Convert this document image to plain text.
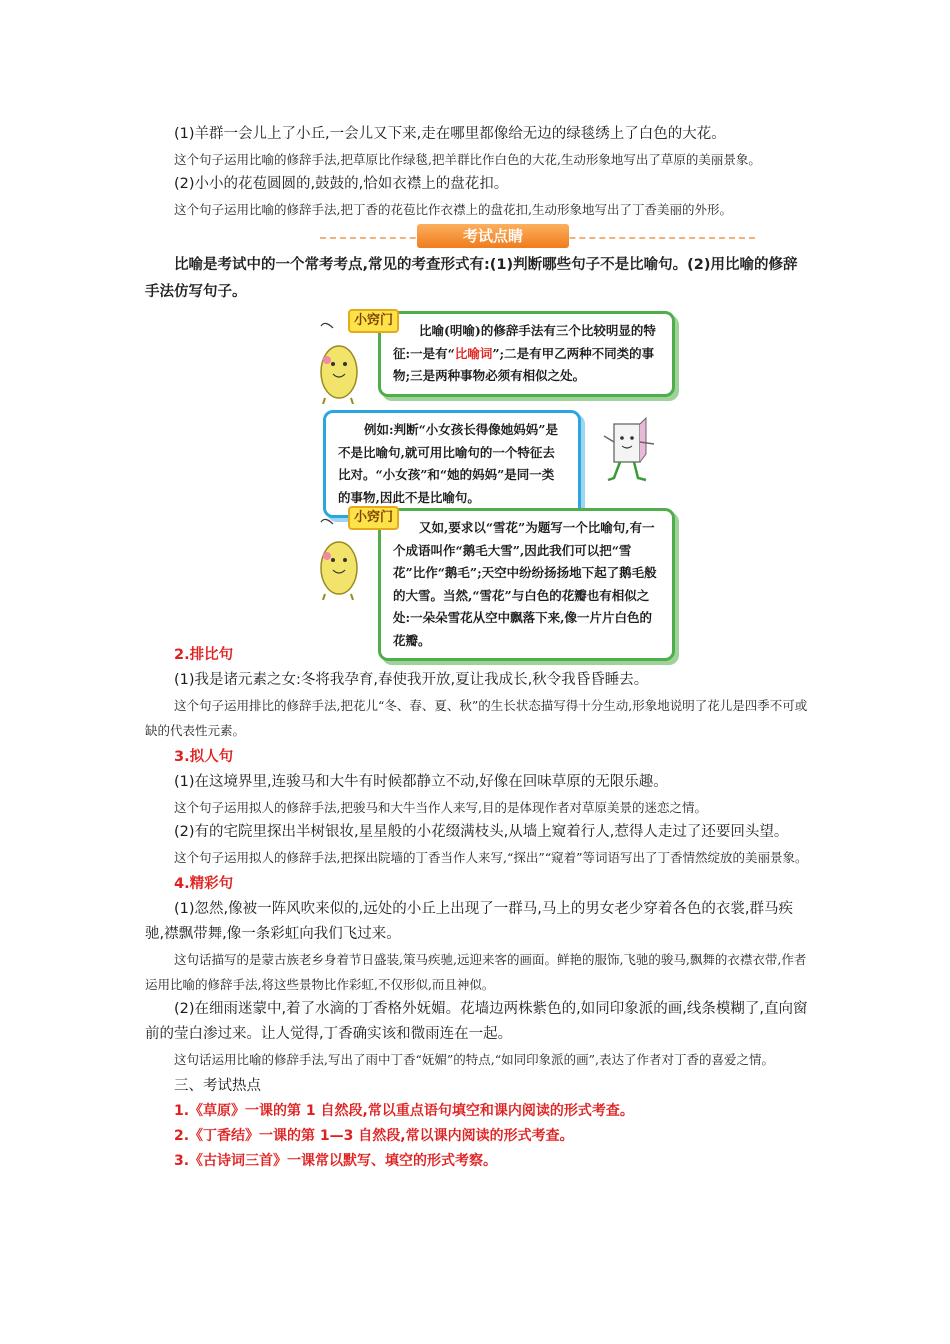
(1)羊群一会儿上了小丘,一会儿又下来,走在哪里都像给无边的绿毯绣上了白色的大花。

这个句子运用比喻的修辞手法,把草原比作绿毯,把羊群比作白色的大花,生动形象地写出了草原的美丽景象。

(2)小小的花苞圆圆的,鼓鼓的,恰如衣襟上的盘花扣。

这个句子运用比喻的修辞手法,把丁香的花苞比作衣襟上的盘花扣,生动形象地写出了丁香美丽的外形。

考试点睛

比喻是考试中的一个常考考点,常见的考查形式有:(1)判断哪些句子不是比喻句。(2)用比喻的修辞手法仿写句子。

小窍门
比喻(明喻)的修辞手法有三个比较明显的特征:一是有“比喻词”;二是有甲乙两种不同类的事物;三是两种事物必须有相似之处。
例如:判断“小女孩长得像她妈妈”是不是比喻句,就可用比喻句的一个特征去比对。“小女孩”和“她的妈妈”是同一类的事物,因此不是比喻句。
小窍门
又如,要求以“雪花”为题写一个比喻句,有一个成语叫作“鹅毛大雪”,因此我们可以把“雪花”比作“鹅毛”;天空中纷纷扬扬地下起了鹅毛般的大雪。当然,“雪花”与白色的花瓣也有相似之处:一朵朵雪花从空中飘落下来,像一片片白色的花瓣。
2.排比句

(1)我是诸元素之女:冬将我孕育,春使我开放,夏让我成长,秋令我昏昏睡去。

这个句子运用排比的修辞手法,把花儿“冬、春、夏、秋”的生长状态描写得十分生动,形象地说明了花儿是四季不可或缺的代表性元素。

3.拟人句

(1)在这境界里,连骏马和大牛有时候都静立不动,好像在回味草原的无限乐趣。

这个句子运用拟人的修辞手法,把骏马和大牛当作人来写,目的是体现作者对草原美景的迷恋之情。

(2)有的宅院里探出半树银妆,星星般的小花缀满枝头,从墙上窥着行人,惹得人走过了还要回头望。

这个句子运用拟人的修辞手法,把探出院墙的丁香当作人来写,“探出”“窥着”等词语写出了丁香情然绽放的美丽景象。

4.精彩句

(1)忽然,像被一阵风吹来似的,远处的小丘上出现了一群马,马上的男女老少穿着各色的衣裳,群马疾驰,襟飘带舞,像一条彩虹向我们飞过来。

这句话描写的是蒙古族老乡身着节日盛装,策马疾驰,远迎来客的画面。鲜艳的服饰,飞驰的骏马,飘舞的衣襟衣带,作者运用比喻的修辞手法,将这些景物比作彩虹,不仅形似,而且神似。

(2)在细雨迷蒙中,着了水滴的丁香格外妩媚。花墙边两株紫色的,如同印象派的画,线条模糊了,直向窗前的莹白渗过来。让人觉得,丁香确实该和微雨连在一起。

这句话运用比喻的修辞手法,写出了雨中丁香“妩媚”的特点,“如同印象派的画”,表达了作者对丁香的喜爱之情。

三、考试热点
1.《草原》一课的第 1 自然段,常以重点语句填空和课内阅读的形式考查。
2.《丁香结》一课的第 1—3 自然段,常以课内阅读的形式考查。
3.《古诗词三首》一课常以默写、填空的形式考察。
